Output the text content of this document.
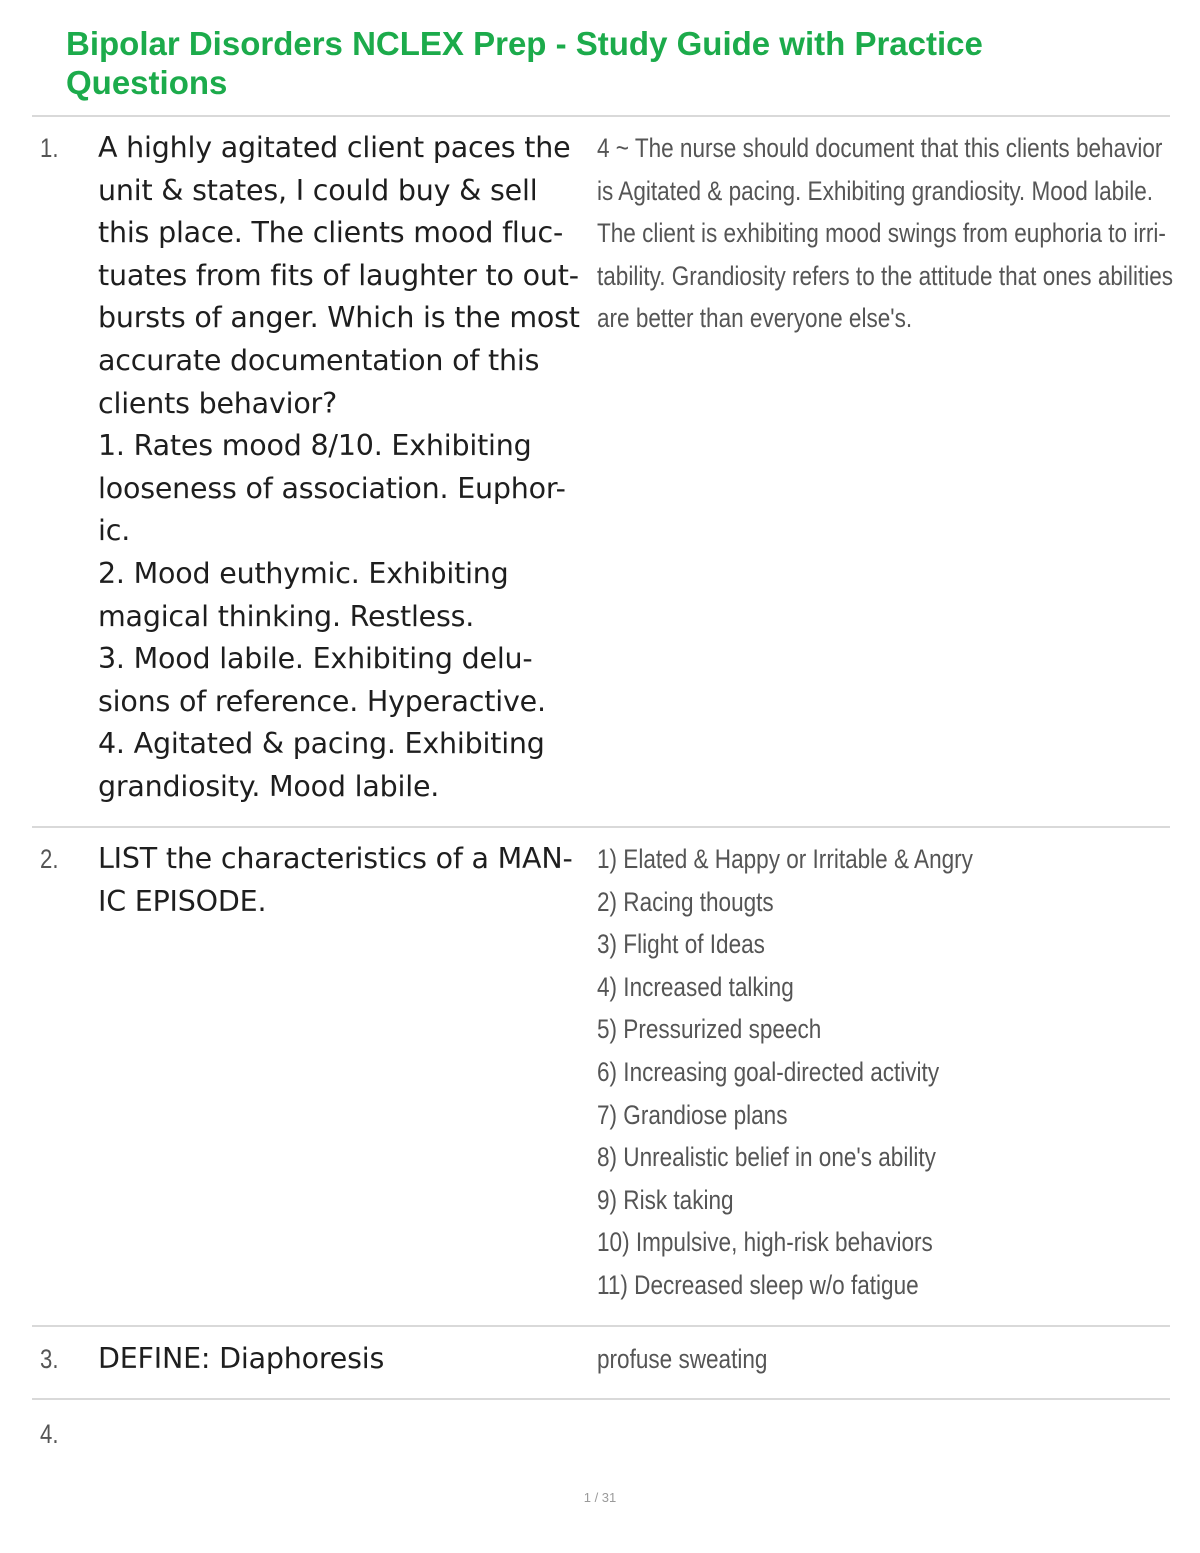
Bipolar Disorders NCLEX Prep - Study Guide with Practice Questions
1. A highly agitated client paces the
unit & states, I could buy & sell
this place. The clients mood fluc-
tuates from fits of laughter to out-
bursts of anger. Which is the most
accurate documentation of this
clients behavior?
1. Rates mood 8/10. Exhibiting
looseness of association. Euphor-
ic.
2. Mood euthymic. Exhibiting
magical thinking. Restless.
3. Mood labile. Exhibiting delu-
sions of reference. Hyperactive.
4. Agitated & pacing. Exhibiting
grandiosity. Mood labile.
4 ~ The nurse should document that this clients behavior
is Agitated & pacing. Exhibiting grandiosity. Mood labile.
The client is exhibiting mood swings from euphoria to irri-
tability. Grandiosity refers to the attitude that ones abilities
are better than everyone else's.
2. LIST the characteristics of a MAN-
IC EPISODE.
1) Elated & Happy or Irritable & Angry
2) Racing thougts
3) Flight of Ideas
4) Increased talking
5) Pressurized speech
6) Increasing goal-directed activity
7) Grandiose plans
8) Unrealistic belief in one's ability
9) Risk taking
10) Impulsive, high-risk behaviors
11) Decreased sleep w/o fatigue
3. DEFINE: Diaphoresis	profuse sweating
4.
1 / 31
